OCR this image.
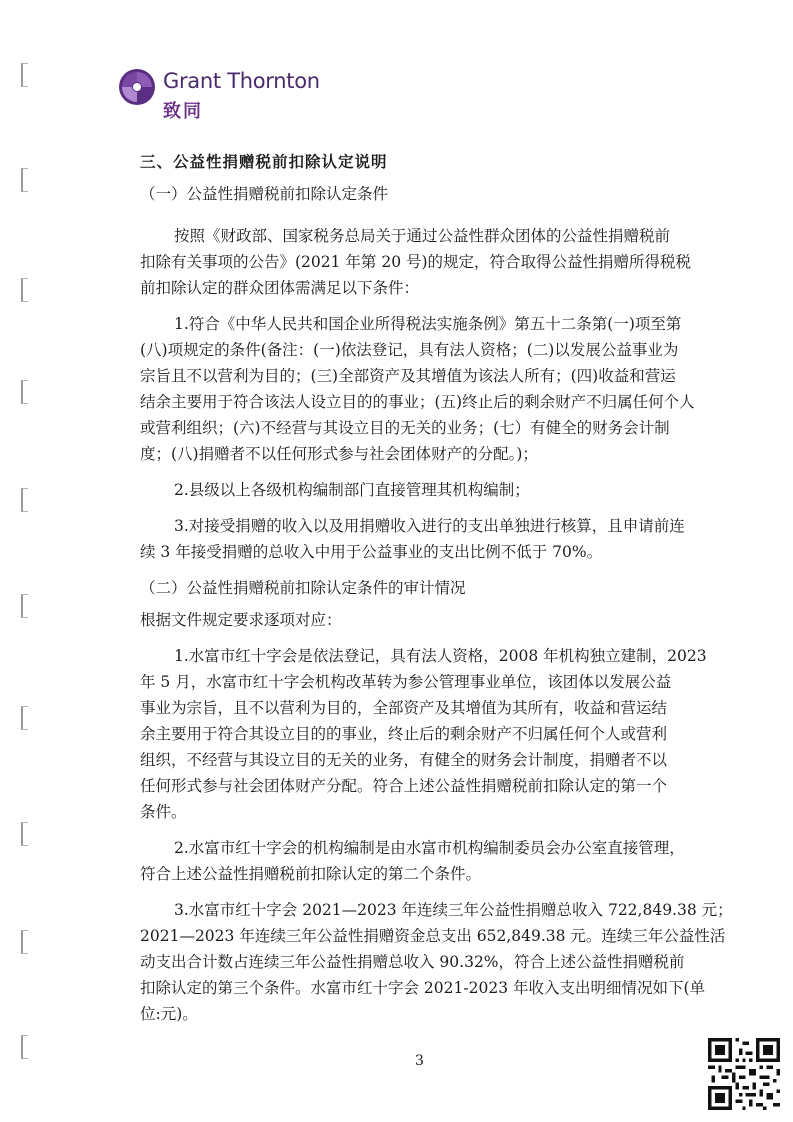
Grant Thornton
致同
三、公益性捐赠税前扣除认定说明
（一）公益性捐赠税前扣除认定条件
按照《财政部、国家税务总局关于通过公益性群众团体的公益性捐赠税前
扣除有关事项的公告》(2021 年第 20 号)的规定，符合取得公益性捐赠所得税税
前扣除认定的群众团体需满足以下条件：
1.符合《中华人民共和国企业所得税法实施条例》第五十二条第(一)项至第
(八)项规定的条件(备注：(一)依法登记，具有法人资格；(二)以发展公益事业为
宗旨且不以营利为目的；(三)全部资产及其增值为该法人所有；(四)收益和营运
结余主要用于符合该法人设立目的的事业；(五)终止后的剩余财产不归属任何个人
或营利组织；(六)不经营与其设立目的无关的业务；(七）有健全的财务会计制
度；(八)捐赠者不以任何形式参与社会团体财产的分配。)；
2.县级以上各级机构编制部门直接管理其机构编制；
3.对接受捐赠的收入以及用捐赠收入进行的支出单独进行核算，且申请前连
续 3 年接受捐赠的总收入中用于公益事业的支出比例不低于 70%。
（二）公益性捐赠税前扣除认定条件的审计情况
根据文件规定要求逐项对应：
1.水富市红十字会是依法登记，具有法人资格，2008 年机构独立建制，2023
年 5 月，水富市红十字会机构改革转为参公管理事业单位，该团体以发展公益
事业为宗旨，且不以营利为目的，全部资产及其增值为其所有，收益和营运结
余主要用于符合其设立目的的事业，终止后的剩余财产不归属任何个人或营利
组织，不经营与其设立目的无关的业务，有健全的财务会计制度，捐赠者不以
任何形式参与社会团体财产分配。符合上述公益性捐赠税前扣除认定的第一个
条件。
2.水富市红十字会的机构编制是由水富市机构编制委员会办公室直接管理，
符合上述公益性捐赠税前扣除认定的第二个条件。
3.水富市红十字会 2021—2023 年连续三年公益性捐赠总收入 722,849.38 元；
2021—2023 年连续三年公益性捐赠资金总支出 652,849.38 元。连续三年公益性活
动支出合计数占连续三年公益性捐赠总收入 90.32%，符合上述公益性捐赠税前
扣除认定的第三个条件。水富市红十字会 2021-2023 年收入支出明细情况如下(单
位:元)。
3
